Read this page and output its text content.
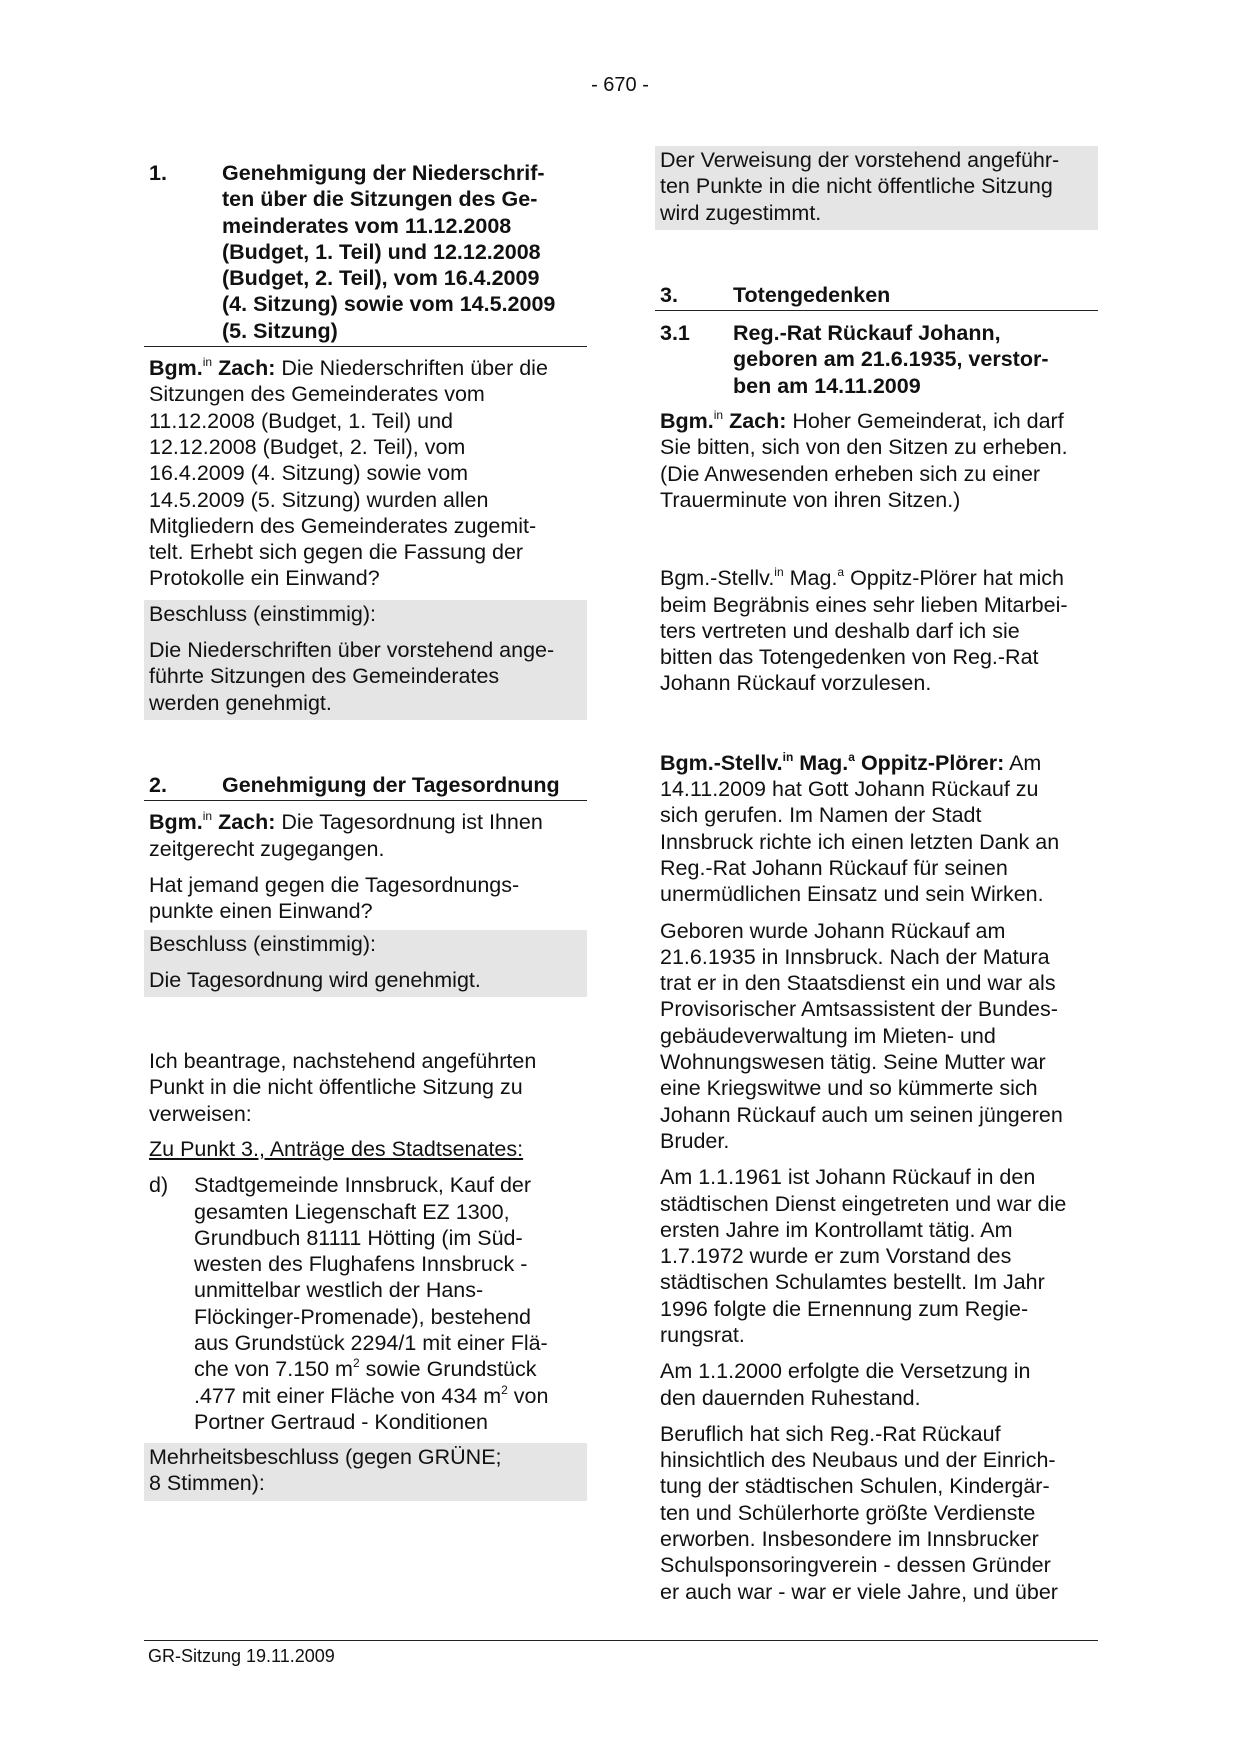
- 670 -
1.	Genehmigung der Niederschrif-
ten über die Sitzungen des Ge-
meinderates vom 11.12.2008
(Budget, 1. Teil) und 12.12.2008
(Budget, 2. Teil), vom 16.4.2009
(4. Sitzung) sowie vom 14.5.2009
(5. Sitzung)
Bgm.$^{in}$ Zach: Die Niederschriften über die
Sitzungen des Gemeinderates vom
11.12.2008 (Budget, 1. Teil) und
12.12.2008 (Budget, 2. Teil), vom
16.4.2009 (4. Sitzung) sowie vom
14.5.2009 (5. Sitzung) wurden allen
Mitgliedern des Gemeinderates zugemit-
telt. Erhebt sich gegen die Fassung der
Protokolle ein Einwand?
Beschluss (einstimmig):
Die Niederschriften über vorstehend ange-
führte Sitzungen des Gemeinderates
werden genehmigt.
2.	Genehmigung der Tagesordnung
Bgm.$^{in}$ Zach: Die Tagesordnung ist Ihnen
zeitgerecht zugegangen.
Hat jemand gegen die Tagesordnungs-
punkte einen Einwand?
Beschluss (einstimmig):
Die Tagesordnung wird genehmigt.
Ich beantrage, nachstehend angeführten
Punkt in die nicht öffentliche Sitzung zu
verweisen:
Zu Punkt 3., Anträge des Stadtsenates:
d) Stadtgemeinde Innsbruck, Kauf der
gesamten Liegenschaft EZ 1300,
Grundbuch 81111 Hötting (im Süd-
westen des Flughafens Innsbruck -
unmittelbar westlich der Hans-
Flöckinger-Promenade), bestehend
aus Grundstück 2294/1 mit einer Flä-
che von 7.150 $m^2$ sowie Grundstück
.477 mit einer Fläche von 434 $m^2$ von
Portner Gertraud - Konditionen
Mehrheitsbeschluss (gegen GRÜNE;
8 Stimmen):
Der Verweisung der vorstehend angeführ-
ten Punkte in die nicht öffentliche Sitzung
wird zugestimmt.
3.	Totengedenken
3.1 Reg.-Rat Rückauf Johann,
geboren am 21.6.1935, verstor-
ben am 14.11.2009
Bgm.$^{in}$ Zach: Hoher Gemeinderat, ich darf
Sie bitten, sich von den Sitzen zu erheben.
(Die Anwesenden erheben sich zu einer
Trauerminute von ihren Sitzen.)
Bgm.-Stellv.$^{in}$ Mag.$^a$ Oppitz-Plörer hat mich
beim Begräbnis eines sehr lieben Mitarbei-
ters vertreten und deshalb darf ich sie
bitten das Totengedenken von Reg.-Rat
Johann Rückauf vorzulesen.
Bgm.-Stellv.$^{in}$ Mag.$^a$ Oppitz-Plörer: Am
14.11.2009 hat Gott Johann Rückauf zu
sich gerufen. Im Namen der Stadt
Innsbruck richte ich einen letzten Dank an
Reg.-Rat Johann Rückauf für seinen
unermüdlichen Einsatz und sein Wirken.
Geboren wurde Johann Rückauf am
21.6.1935 in Innsbruck. Nach der Matura
trat er in den Staatsdienst ein und war als
Provisorischer Amtsassistent der Bundes-
gebäudeverwaltung im Mieten- und
Wohnungswesen tätig. Seine Mutter war
eine Kriegswitwe und so kümmerte sich
Johann Rückauf auch um seinen jüngeren
Bruder.
Am 1.1.1961 ist Johann Rückauf in den
städtischen Dienst eingetreten und war die
ersten Jahre im Kontrollamt tätig. Am
1.7.1972 wurde er zum Vorstand des
städtischen Schulamtes bestellt. Im Jahr
1996 folgte die Ernennung zum Regie-
rungsrat.
Am 1.1.2000 erfolgte die Versetzung in
den dauernden Ruhestand.
Beruflich hat sich Reg.-Rat Rückauf
hinsichtlich des Neubaus und der Einrich-
tung der städtischen Schulen, Kindergär-
ten und Schülerhorte größte Verdienste
erworben. Insbesondere im Innsbrucker
Schulsponsoringverein - dessen Gründer
er auch war - war er viele Jahre, und über
GR-Sitzung 19.11.2009
